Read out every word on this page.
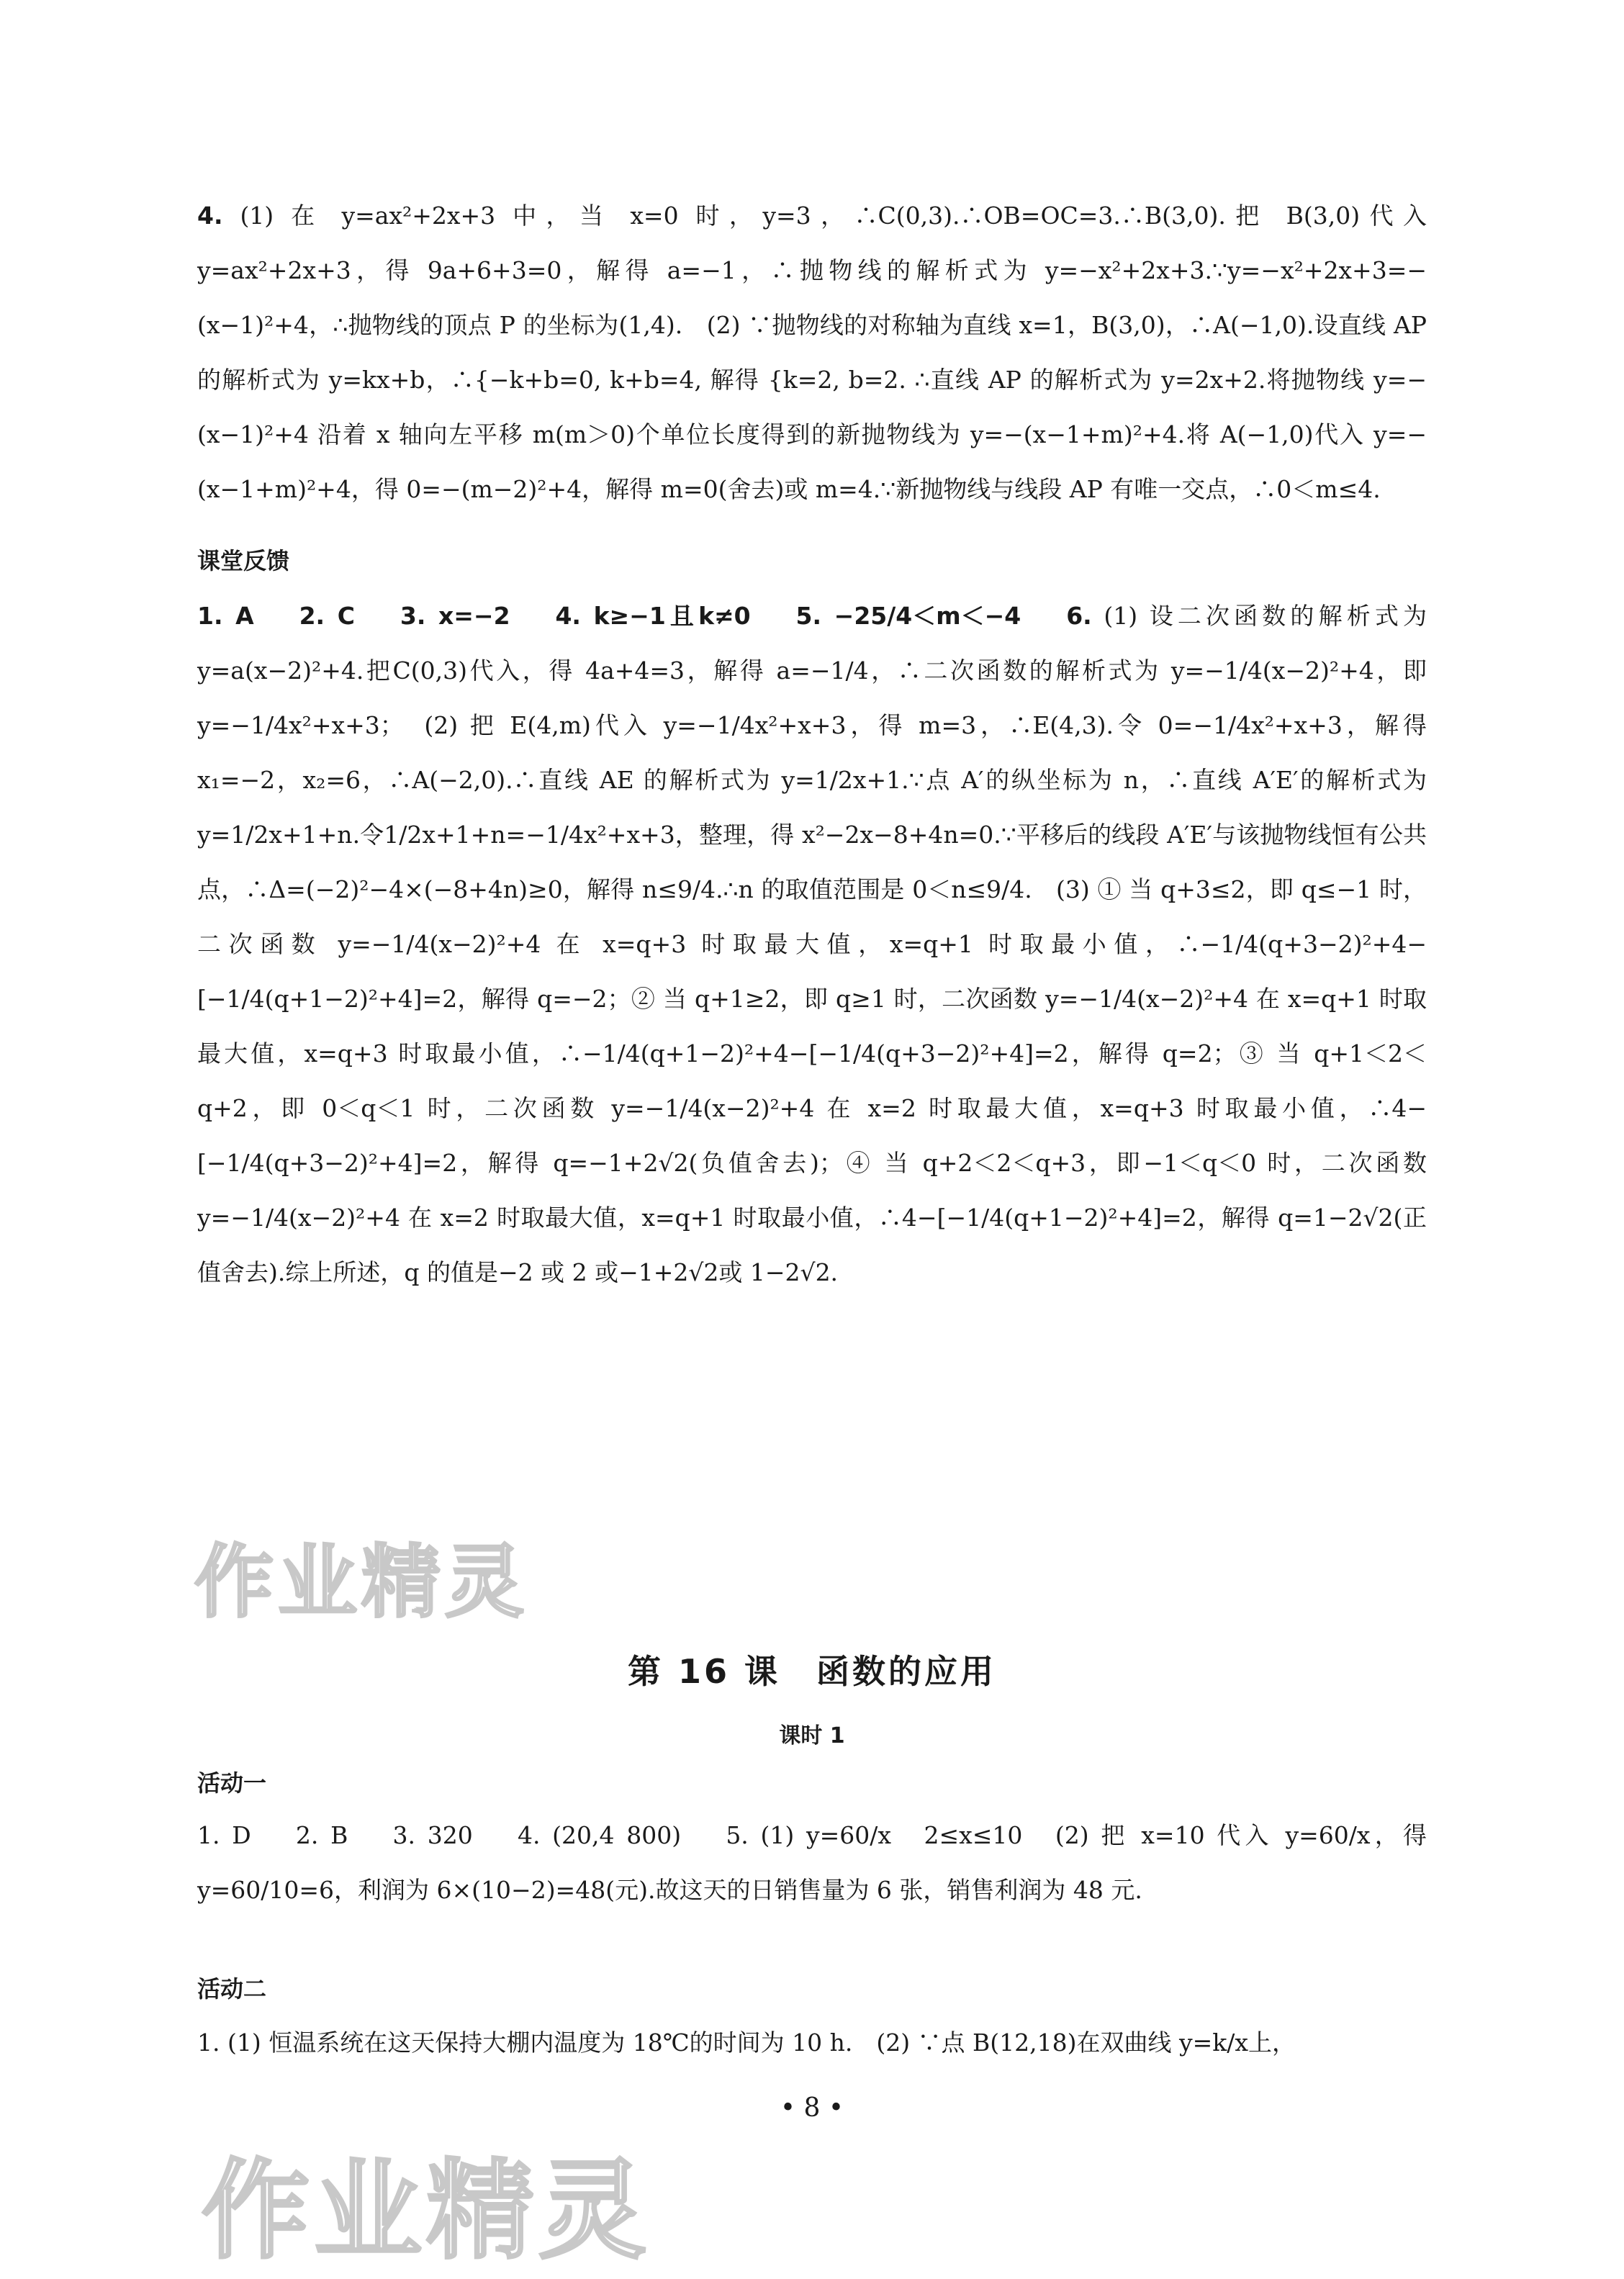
4. (1) 在 y=ax²+2x+3 中，当 x=0 时，y=3，∴C(0,3).∴OB=OC=3.∴B(3,0).把 B(3,0)代入 y=ax²+2x+3，得 9a+6+3=0，解得 a=−1，∴抛物线的解析式为 y=−x²+2x+3.∵y=−x²+2x+3=−(x−1)²+4，∴抛物线的顶点 P 的坐标为(1,4).　(2) ∵抛物线的对称轴为直线 x=1，B(3,0)，∴A(−1,0).设直线 AP 的解析式为 y=kx+b，∴{−k+b=0, k+b=4, 解得 {k=2, b=2. ∴直线 AP 的解析式为 y=2x+2.将抛物线 y=−(x−1)²+4 沿着 x 轴向左平移 m(m＞0)个单位长度得到的新抛物线为 y=−(x−1+m)²+4.将 A(−1,0)代入 y=−(x−1+m)²+4，得 0=−(m−2)²+4，解得 m=0(舍去)或 m=4.∵新抛物线与线段 AP 有唯一交点，∴0＜m≤4.
课堂反馈
1. A　 2. C　 3. x=−2　 4. k≥−1且k≠0　 5. −25/4＜m＜−4　 6. (1) 设二次函数的解析式为 y=a(x−2)²+4.把C(0,3)代入，得 4a+4=3，解得 a=−1/4，∴二次函数的解析式为 y=−1/4(x−2)²+4，即 y=−1/4x²+x+3；　(2) 把 E(4,m)代入 y=−1/4x²+x+3，得 m=3，∴E(4,3).令 0=−1/4x²+x+3，解得 x₁=−2，x₂=6，∴A(−2,0).∴直线 AE 的解析式为 y=1/2x+1.∵点 A′的纵坐标为 n，∴直线 A′E′的解析式为 y=1/2x+1+n.令1/2x+1+n=−1/4x²+x+3，整理，得 x²−2x−8+4n=0.∵平移后的线段 A′E′与该抛物线恒有公共点，∴Δ=(−2)²−4×(−8+4n)≥0，解得 n≤9/4.∴n 的取值范围是 0＜n≤9/4.　(3) ① 当 q+3≤2，即 q≤−1 时，二次函数 y=−1/4(x−2)²+4 在 x=q+3 时取最大值，x=q+1 时取最小值，∴−1/4(q+3−2)²+4−[−1/4(q+1−2)²+4]=2，解得 q=−2；② 当 q+1≥2，即 q≥1 时，二次函数 y=−1/4(x−2)²+4 在 x=q+1 时取最大值，x=q+3 时取最小值，∴−1/4(q+1−2)²+4−[−1/4(q+3−2)²+4]=2，解得 q=2；③ 当 q+1＜2＜q+2，即 0＜q＜1 时，二次函数 y=−1/4(x−2)²+4 在 x=2 时取最大值，x=q+3 时取最小值，∴4−[−1/4(q+3−2)²+4]=2，解得 q=−1+2√2(负值舍去)；④ 当 q+2＜2＜q+3，即−1＜q＜0 时，二次函数 y=−1/4(x−2)²+4 在 x=2 时取最大值，x=q+1 时取最小值，∴4−[−1/4(q+1−2)²+4]=2，解得 q=1−2√2(正值舍去).综上所述，q 的值是−2 或 2 或−1+2√2或 1−2√2.
作业精灵
第 16 课　函数的应用
课时 1
活动一
1. D　 2. B　 3. 320　 4. (20,4 800)　 5. (1) y=60/x　2≤x≤10　(2) 把 x=10 代入 y=60/x，得 y=60/10=6，利润为 6×(10−2)=48(元).故这天的日销售量为 6 张，销售利润为 48 元.
活动二
1. (1) 恒温系统在这天保持大棚内温度为 18℃的时间为 10 h.　(2) ∵点 B(12,18)在双曲线 y=k/x上，
• 8 •
作业精灵
